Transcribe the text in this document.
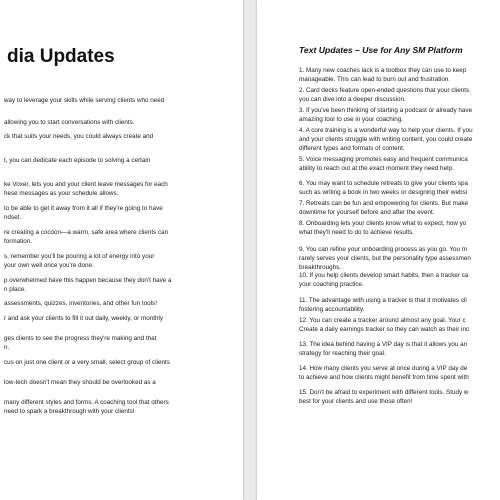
dia Updates
way to leverage your skills while serving clients who need
allowing you to start conversations with clients.
ck that suits your needs, you could always create and
t, you can dedicate each episode to solving a certain
ke Voxer, lets you and your client leave messages for each
hese messages as your schedule allows.
to be able to get it away from it all if they're going to have
ndset.
re creating a cocoon—a warm, safe area where clients can
formation.
s, remember you'll be pouring a lot of energy into your
your own well once you're done.
p overwhelmed have this happen because they don't have a
n place.
assessments, quizzes, inventories, and other fun tools!
r and ask your clients to fill it out daily, weekly, or monthly
ges clients to see the progress they're making and that
n.
cus on just one client or a very small, select group of clients
low-tech doesn't mean they should be overlooked as a
many different styles and forms. A coaching tool that others
need to spark a breakthrough with your clients!
Text Updates – Use for Any SM Platform
1. Many new coaches lack is a toolbox they can use to keep
manageable. This can lead to burn out and frustration.
2. Card decks feature open-ended questions that your clients
you can dive into a deeper discussion.
3. If you've been thinking of starting a podcast or already have
amazing tool to use in your coaching.
4. A core training is a wonderful way to help your clients. If you
and your clients struggle with writing content, you could create
different types and formats of content.
5. Voice messaging promotes easy and frequent communica
ability to reach out at the exact moment they need help.
6. You may want to schedule retreats to give your clients spa
such as writing a book in two weeks or designing their websi
7. Retreats can be fun and empowering for clients. But make
downtime for yourself before and after the event.
8. Onboarding lets your clients know what to expect, how yo
what they'll need to do to achieve results.
9. You can refine your onboarding process as you go. You m
rarely serves your clients, but the personality type assessmen
breakthroughs.
10. If you help clients develop smart habits, then a tracker ca
your coaching practice.
11. The advantage with using a tracker is that it motivates cli
fostering accountability.
12. You can create a tracker around almost any goal. Your c
Create a daily earnings tracker so they can watch as their inc
13. The idea behind having a VIP day is that it allows you an
strategy for reaching their goal.
14. How many clients you serve at once during a VIP day de
to achieve and how clients might benefit from time spent with
15. Don't be afraid to experiment with different tools. Study w
best for your clients and use those often!
